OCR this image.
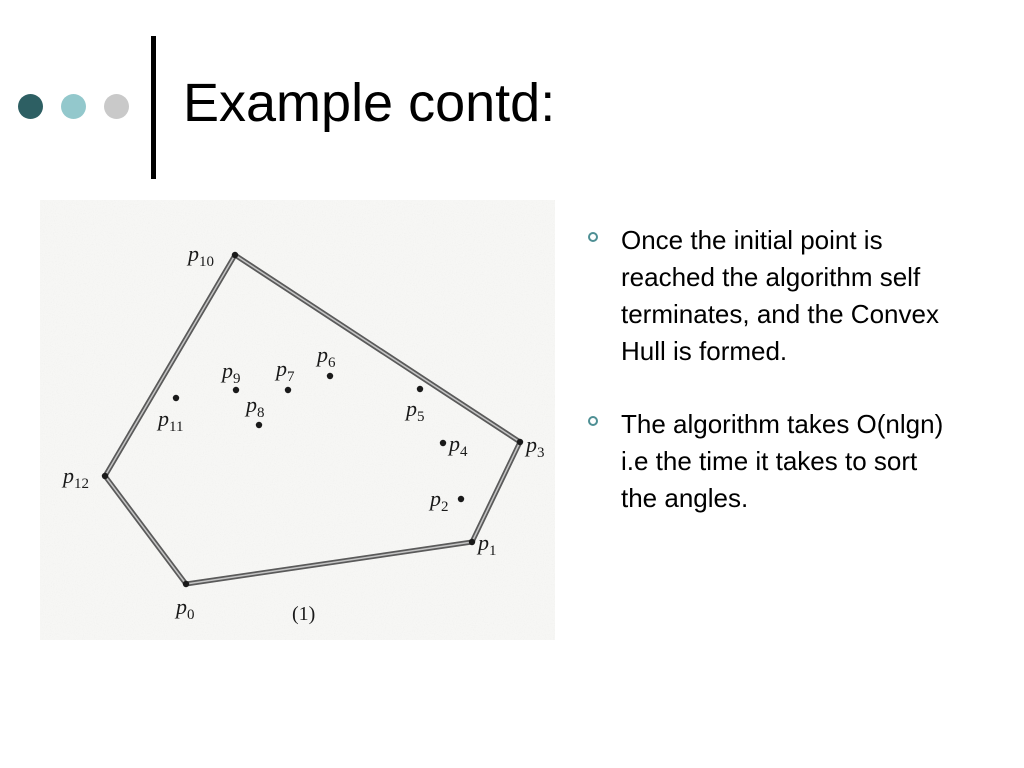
Example contd:
$p_0$
$p_1$
$p_2$
$p_3$
$p_4$
$p_5$
$p_6$
$p_7$
$p_8$
$p_9$
$p_{10}$
$p_{11}$
$p_{12}$
(1)
Once the initial point is reached the algorithm self terminates, and the Convex Hull is formed.
The algorithm takes O(nlgn) i.e the time it takes to sort the angles.
